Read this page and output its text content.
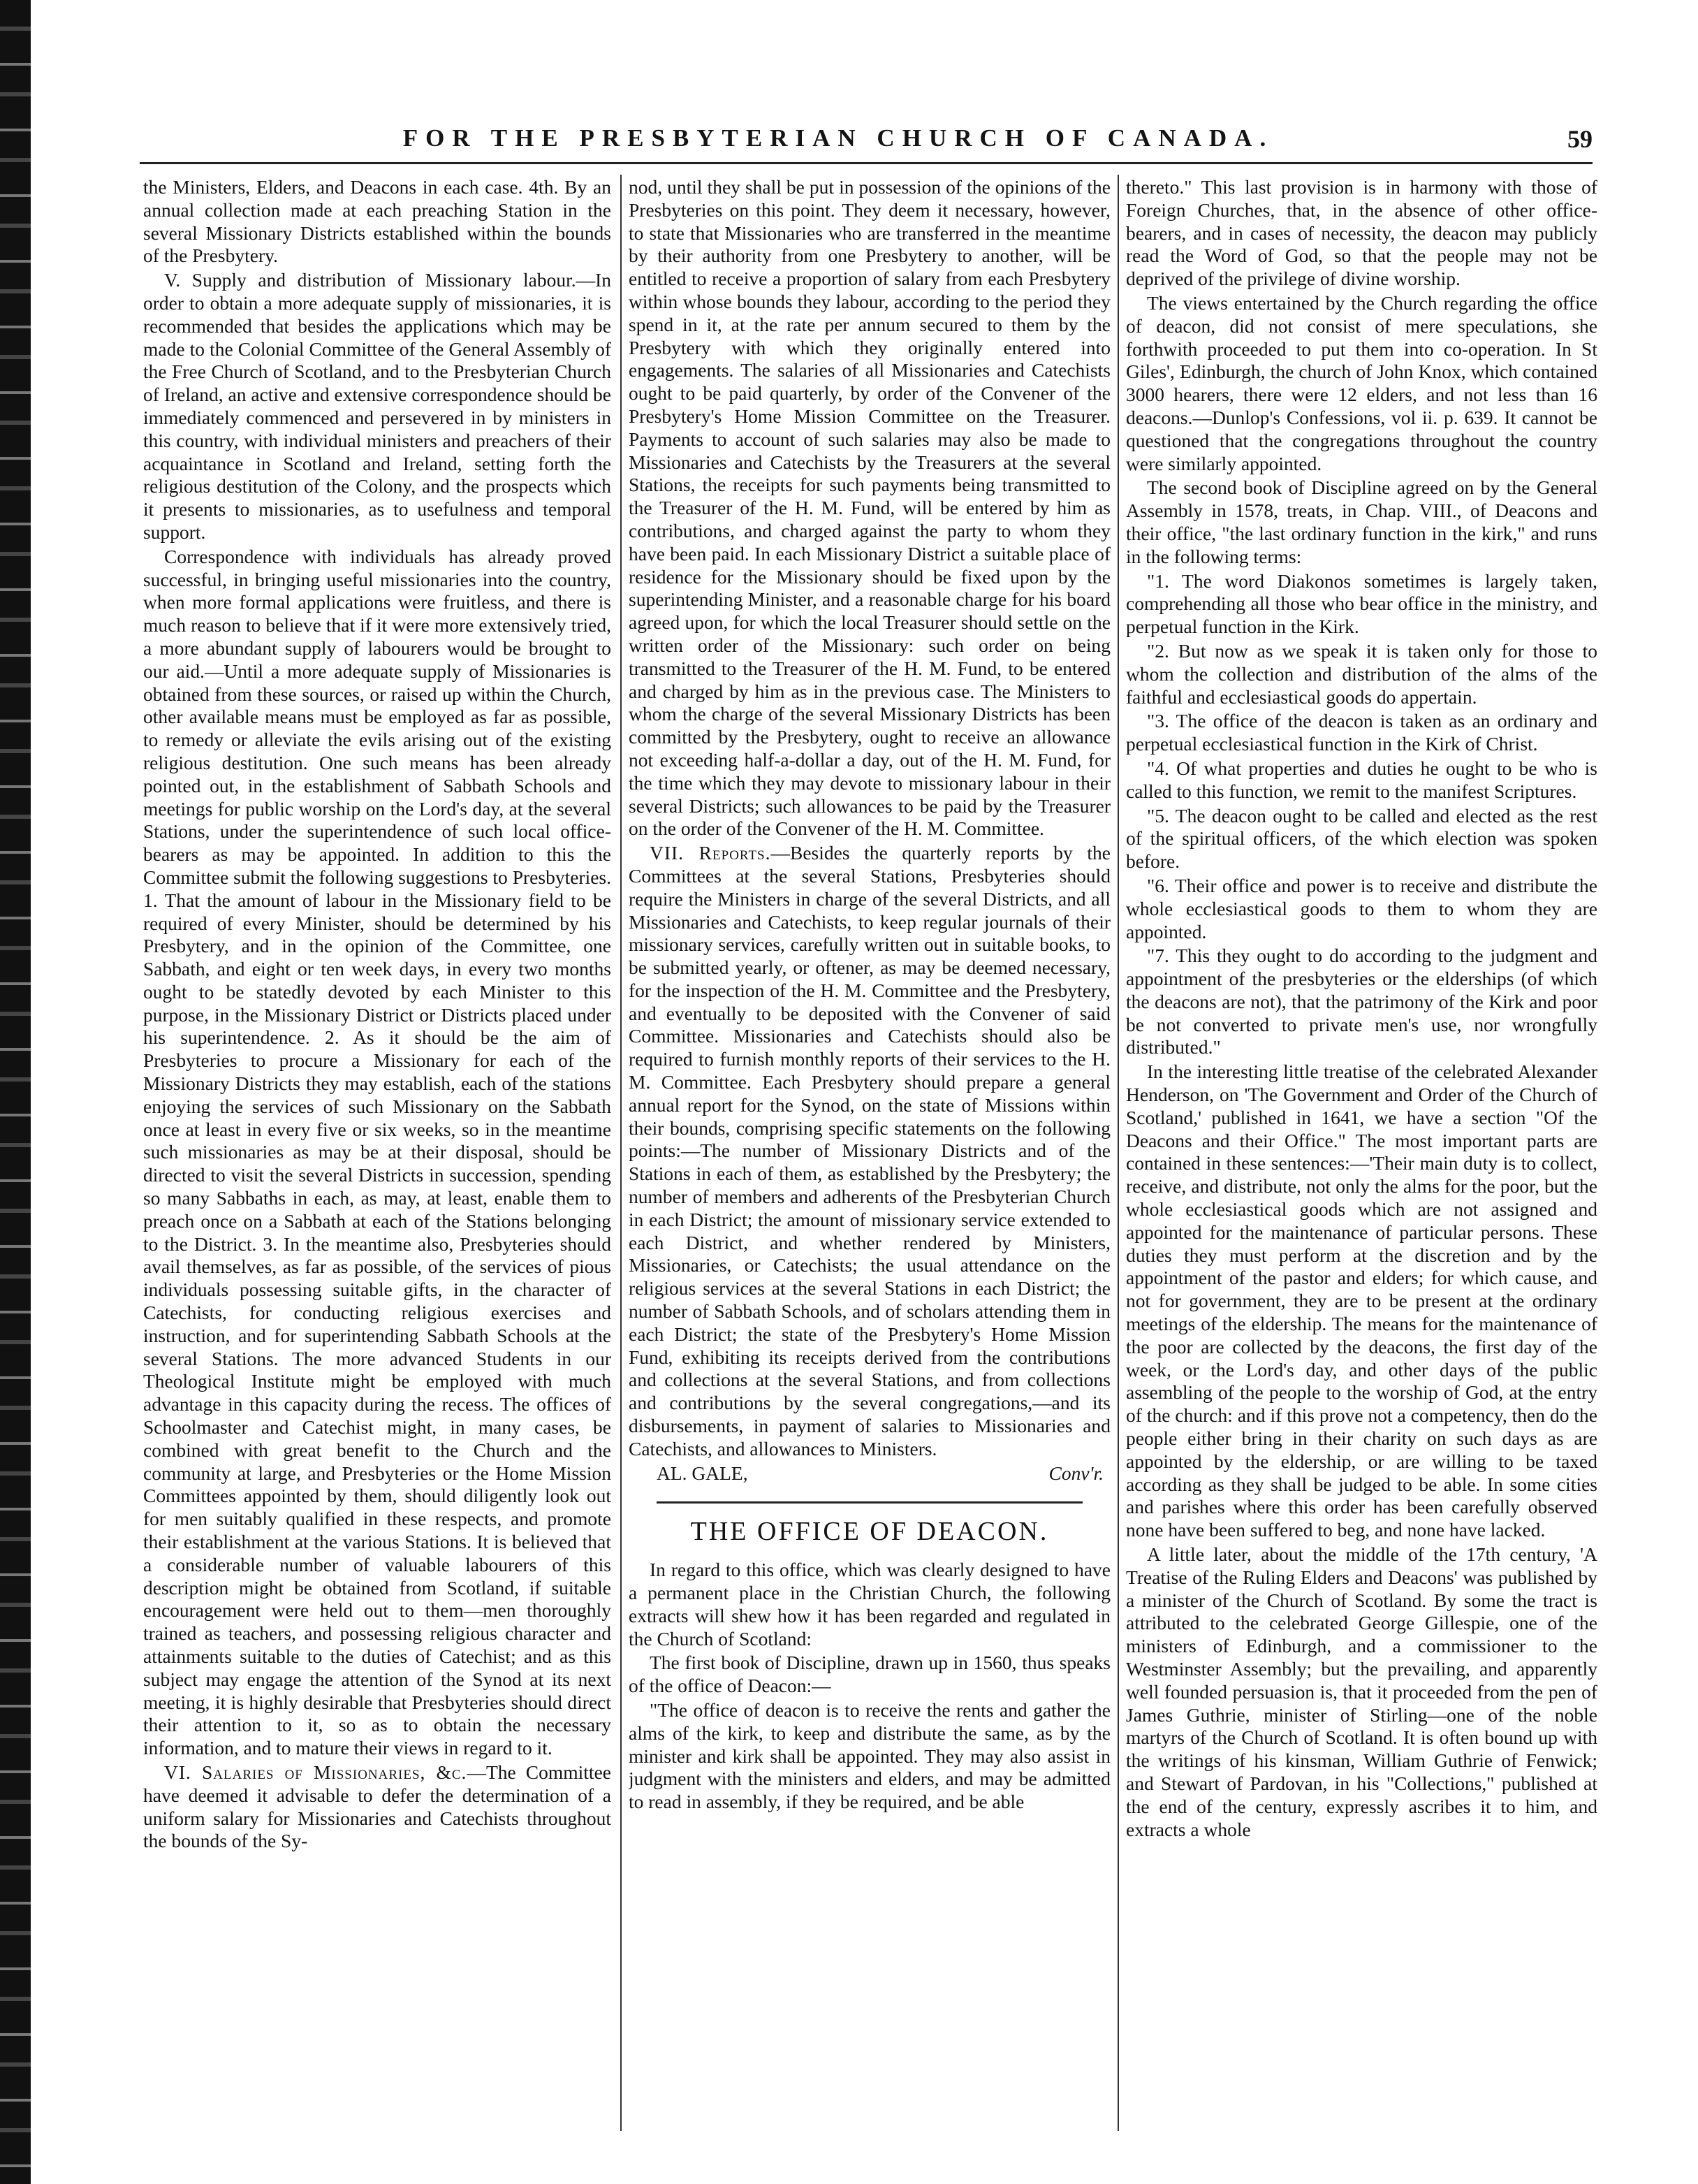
FOR THE PRESBYTERIAN CHURCH OF CANADA.	59

the Ministers, Elders, and Deacons in each case. 4th. By an annual collection made at each preaching Station in the several Missionary Districts established within the bounds of the Presbytery.

V. Supply and distribution of Missionary labour.—In order to obtain a more adequate supply of missionaries, it is recommended that besides the applications which may be made to the Colonial Committee of the General Assembly of the Free Church of Scotland, and to the Presbyterian Church of Ireland, an active and extensive correspondence should be immediately commenced and persevered in by ministers in this country, with individual ministers and preachers of their acquaintance in Scotland and Ireland, setting forth the religious destitution of the Colony, and the prospects which it presents to missionaries, as to usefulness and temporal support.

Correspondence with individuals has already proved successful, in bringing useful missionaries into the country, when more formal applications were fruitless, and there is much reason to believe that if it were more extensively tried, a more abundant supply of labourers would be brought to our aid.—Until a more adequate supply of Missionaries is obtained from these sources, or raised up within the Church, other available means must be employed as far as possible, to remedy or alleviate the evils arising out of the existing religious destitution. One such means has been already pointed out, in the establishment of Sabbath Schools and meetings for public worship on the Lord's day, at the several Stations, under the superintendence of such local office-bearers as may be appointed. In addition to this the Committee submit the following suggestions to Presbyteries. 1. That the amount of labour in the Missionary field to be required of every Minister, should be determined by his Presbytery, and in the opinion of the Committee, one Sabbath, and eight or ten week days, in every two months ought to be statedly devoted by each Minister to this purpose, in the Missionary District or Districts placed under his superintendence. 2. As it should be the aim of Presbyteries to procure a Missionary for each of the Missionary Districts they may establish, each of the stations enjoying the services of such Missionary on the Sabbath once at least in every five or six weeks, so in the meantime such missionaries as may be at their disposal, should be directed to visit the several Districts in succession, spending so many Sabbaths in each, as may, at least, enable them to preach once on a Sabbath at each of the Stations belonging to the District. 3. In the meantime also, Presbyteries should avail themselves, as far as possible, of the services of pious individuals possessing suitable gifts, in the character of Catechists, for conducting religious exercises and instruction, and for superintending Sabbath Schools at the several Stations. The more advanced Students in our Theological Institute might be employed with much advantage in this capacity during the recess. The offices of Schoolmaster and Catechist might, in many cases, be combined with great benefit to the Church and the community at large, and Presbyteries or the Home Mission Committees appointed by them, should diligently look out for men suitably qualified in these respects, and promote their establishment at the various Stations. It is believed that a considerable number of valuable labourers of this description might be obtained from Scotland, if suitable encouragement were held out to them—men thoroughly trained as teachers, and possessing religious character and attainments suitable to the duties of Catechist; and as this subject may engage the attention of the Synod at its next meeting, it is highly desirable that Presbyteries should direct their attention to it, so as to obtain the necessary information, and to mature their views in regard to it.

VI. Salaries of Missionaries, &c.—The Committee have deemed it advisable to defer the determination of a uniform salary for Missionaries and Catechists throughout the bounds of the Sy-

nod, until they shall be put in possession of the opinions of the Presbyteries on this point. They deem it necessary, however, to state that Missionaries who are transferred in the meantime by their authority from one Presbytery to another, will be entitled to receive a proportion of salary from each Presbytery within whose bounds they labour, according to the period they spend in it, at the rate per annum secured to them by the Presbytery with which they originally entered into engagements. The salaries of all Missionaries and Catechists ought to be paid quarterly, by order of the Convener of the Presbytery's Home Mission Committee on the Treasurer. Payments to account of such salaries may also be made to Missionaries and Catechists by the Treasurers at the several Stations, the receipts for such payments being transmitted to the Treasurer of the H. M. Fund, will be entered by him as contributions, and charged against the party to whom they have been paid. In each Missionary District a suitable place of residence for the Missionary should be fixed upon by the superintending Minister, and a reasonable charge for his board agreed upon, for which the local Treasurer should settle on the written order of the Missionary: such order on being transmitted to the Treasurer of the H. M. Fund, to be entered and charged by him as in the previous case. The Ministers to whom the charge of the several Missionary Districts has been committed by the Presbytery, ought to receive an allowance not exceeding half-a-dollar a day, out of the H. M. Fund, for the time which they may devote to missionary labour in their several Districts; such allowances to be paid by the Treasurer on the order of the Convener of the H. M. Committee.

VII. Reports.—Besides the quarterly reports by the Committees at the several Stations, Presbyteries should require the Ministers in charge of the several Districts, and all Missionaries and Catechists, to keep regular journals of their missionary services, carefully written out in suitable books, to be submitted yearly, or oftener, as may be deemed necessary, for the inspection of the H. M. Committee and the Presbytery, and eventually to be deposited with the Convener of said Committee. Missionaries and Catechists should also be required to furnish monthly reports of their services to the H. M. Committee. Each Presbytery should prepare a general annual report for the Synod, on the state of Missions within their bounds, comprising specific statements on the following points:—The number of Missionary Districts and of the Stations in each of them, as established by the Presbytery; the number of members and adherents of the Presbyterian Church in each District; the amount of missionary service extended to each District, and whether rendered by Ministers, Missionaries, or Catechists; the usual attendance on the religious services at the several Stations in each District; the number of Sabbath Schools, and of scholars attending them in each District; the state of the Presbytery's Home Mission Fund, exhibiting its receipts derived from the contributions and collections at the several Stations, and from collections and contributions by the several congregations,—and its disbursements, in payment of salaries to Missionaries and Catechists, and allowances to Ministers.

AL. GALE,	Conv'r.
THE OFFICE OF DEACON.

In regard to this office, which was clearly designed to have a permanent place in the Christian Church, the following extracts will shew how it has been regarded and regulated in the Church of Scotland:

The first book of Discipline, drawn up in 1560, thus speaks of the office of Deacon:—

"The office of deacon is to receive the rents and gather the alms of the kirk, to keep and distribute the same, as by the minister and kirk shall be appointed. They may also assist in judgment with the ministers and elders, and may be admitted to read in assembly, if they be required, and be able

thereto." This last provision is in harmony with those of Foreign Churches, that, in the absence of other office-bearers, and in cases of necessity, the deacon may publicly read the Word of God, so that the people may not be deprived of the privilege of divine worship.

The views entertained by the Church regarding the office of deacon, did not consist of mere speculations, she forthwith proceeded to put them into co-operation. In St Giles', Edinburgh, the church of John Knox, which contained 3000 hearers, there were 12 elders, and not less than 16 deacons.—Dunlop's Confessions, vol ii. p. 639. It cannot be questioned that the congregations throughout the country were similarly appointed.

The second book of Discipline agreed on by the General Assembly in 1578, treats, in Chap. VIII., of Deacons and their office, "the last ordinary function in the kirk," and runs in the following terms:

"1. The word Diakonos sometimes is largely taken, comprehending all those who bear office in the ministry, and perpetual function in the Kirk.

"2. But now as we speak it is taken only for those to whom the collection and distribution of the alms of the faithful and ecclesiastical goods do appertain.

"3. The office of the deacon is taken as an ordinary and perpetual ecclesiastical function in the Kirk of Christ.

"4. Of what properties and duties he ought to be who is called to this function, we remit to the manifest Scriptures.

"5. The deacon ought to be called and elected as the rest of the spiritual officers, of the which election was spoken before.

"6. Their office and power is to receive and distribute the whole ecclesiastical goods to them to whom they are appointed.

"7. This they ought to do according to the judgment and appointment of the presbyteries or the elderships (of which the deacons are not), that the patrimony of the Kirk and poor be not converted to private men's use, nor wrongfully distributed."

In the interesting little treatise of the celebrated Alexander Henderson, on 'The Government and Order of the Church of Scotland,' published in 1641, we have a section "Of the Deacons and their Office." The most important parts are contained in these sentences:—'Their main duty is to collect, receive, and distribute, not only the alms for the poor, but the whole ecclesiastical goods which are not assigned and appointed for the maintenance of particular persons. These duties they must perform at the discretion and by the appointment of the pastor and elders; for which cause, and not for government, they are to be present at the ordinary meetings of the eldership. The means for the maintenance of the poor are collected by the deacons, the first day of the week, or the Lord's day, and other days of the public assembling of the people to the worship of God, at the entry of the church: and if this prove not a competency, then do the people either bring in their charity on such days as are appointed by the eldership, or are willing to be taxed according as they shall be judged to be able. In some cities and parishes where this order has been carefully observed none have been suffered to beg, and none have lacked.

A little later, about the middle of the 17th century, 'A Treatise of the Ruling Elders and Deacons' was published by a minister of the Church of Scotland. By some the tract is attributed to the celebrated George Gillespie, one of the ministers of Edinburgh, and a commissioner to the Westminster Assembly; but the prevailing, and apparently well founded persuasion is, that it proceeded from the pen of James Guthrie, minister of Stirling—one of the noble martyrs of the Church of Scotland. It is often bound up with the writings of his kinsman, William Guthrie of Fenwick; and Stewart of Pardovan, in his "Collections," published at the end of the century, expressly ascribes it to him, and extracts a whole
